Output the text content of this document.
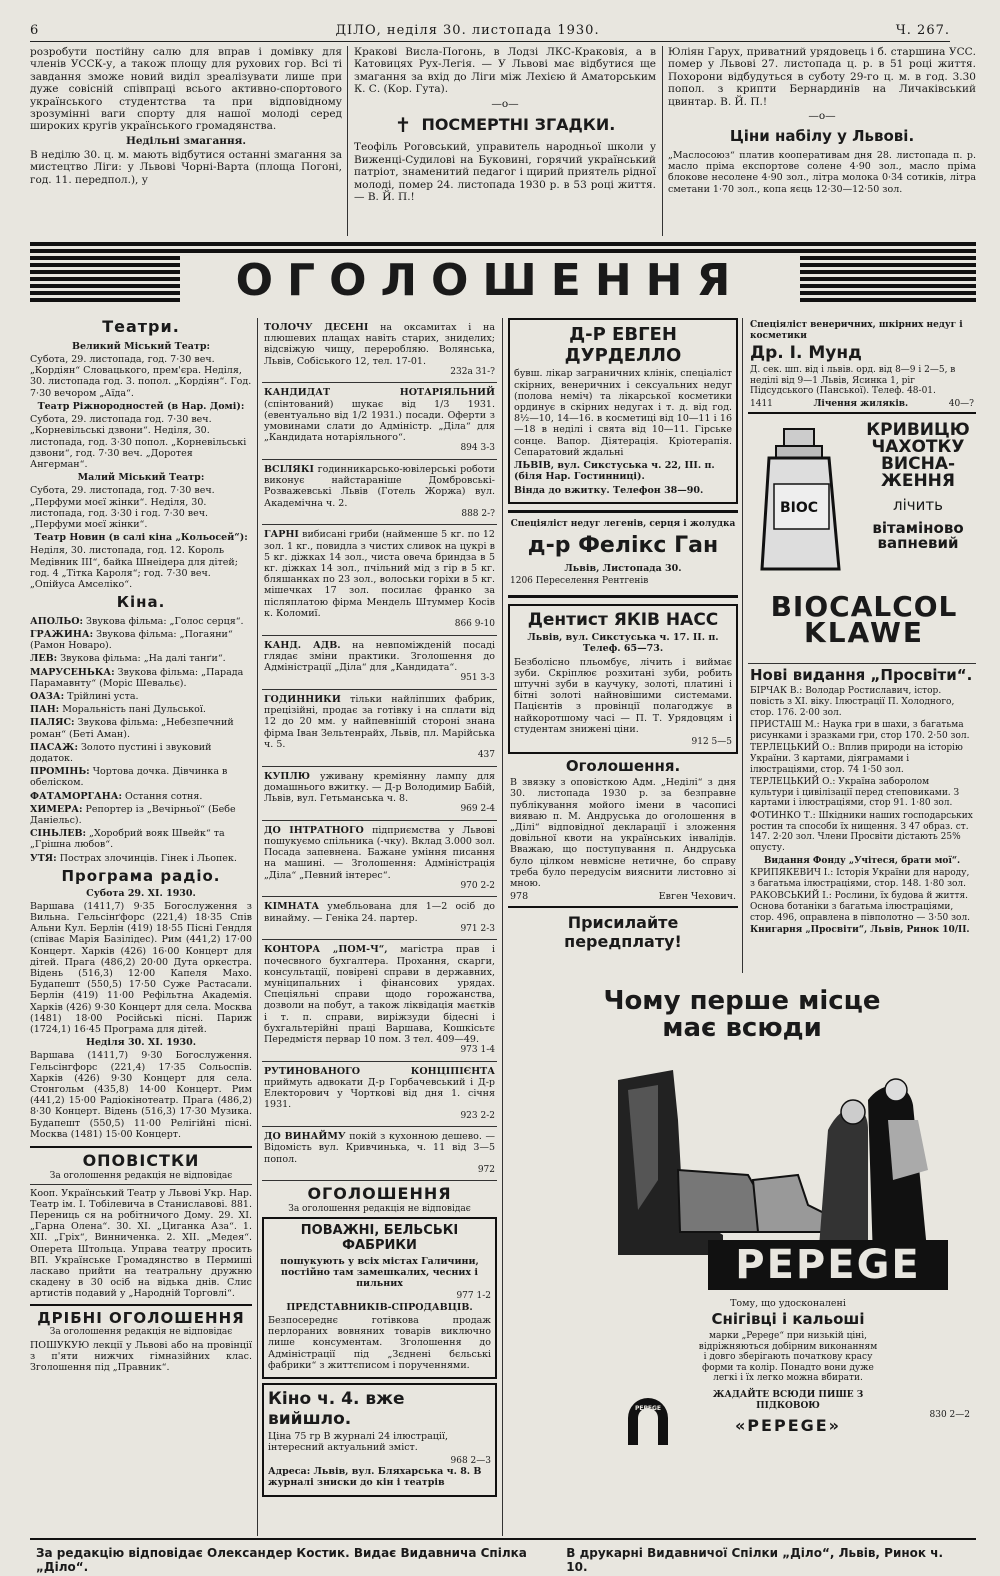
6	ДІЛО, неділя 30. листопада 1930.	Ч. 267.

розробути постійну салю для вправ і домівку для членів УССК-у, а також площу для рухових гор. Всі ті завдання зможе новий виділ зреалізувати лише при дуже совісній співпраці всього активно-спортового українського студентства та при відповідному зрозумінні ваги спорту для нашої молоді серед широких кругів українського громадянства.

Недільні змагання.

В неділю 30. ц. м. мають відбутися останні змагання за мистецтво Ліги: у Львові Чорні-Варта (площа Погоні, год. 11. передпол.), у

Кракові Висла-Погонь, в Лодзі ЛКС-Краковія, а в Катовицях Рух-Легія. — У Львові має відбутися ще змагання за вхід до Ліги між Лехією й Аматорським К. С. (Кор. Гута).

—о—

✝ ПОСМЕРТНІ ЗГАДКИ.

Теофіль Роговський, управитель народньої школи у Виженці-Судилові на Буковині, горячий український патріот, знаменитий педагог і щирий приятель рідної молоді, помер 24. листопада 1930 р. в 53 році життя. — В. Й. П.!

Юліян Гарух, приватний урядовець і б. старшина УСС. помер у Львові 27. листопада ц. р. в 51 році життя. Похорони відбудуться в суботу 29-го ц. м. в год. 3.30 попол. з крипти Бернардинів на Личаківський цвинтар. В. Й. П.!

—о—

Ціни набілу у Львові.

„Маслосоюз“ платив кооперативам дня 28. листопада п. р. масло пріма експортове солене 4·90 зол., масло пріма блокове несолене 4·90 зол., літра молока 0·34 сотиків, літра сметани 1·70 зол., копа яєць 12·30—12·50 зол.

ОГОЛОШЕННЯ
Театри.

Великий Міський Театр:

Субота, 29. листопада, год. 7·30 веч. „Кордіян“ Словацького, прем'єра. Неділя, 30. листопада год. 3. попол. „Кордіян“. Год. 7·30 вечором „Аїда“.

Театр Ріжнородностей (в Нар. Домі):

Субота, 29. листопада год. 7·30 веч. „Корневільські дзвони“. Неділя, 30. листопада, год. 3·30 попол. „Корневільські дзвони“, год. 7·30 веч. „Доротея Ангерман“.

Малий Міський Театр:

Субота, 29. листопада, год. 7·30 веч. „Перфуми моєї жінки“. Неділя, 30. листопада, год. 3·30 і год. 7·30 веч. „Перфуми моєї жінки“.

Театр Новин (в салі кіна „Кольосей“):

Неділя, 30. листопада, год. 12. Король Медівник ІІІ“, байка Шнеідера для дітей; год. 4 „Тітка Кароля“; год. 7·30 веч. „Опійуса Амселіко“.

Кіна.

АПОЛЬО: Звукова фільма: „Голос серця“.

ГРАЖИНА: Звукова фільма: „Погаяни“ (Рамон Новаро).

ЛЕВ: Звукова фільма: „На далі танґи“.

МАРУСЕНЬКА: Звукова фільма: „Парада Парамавнту“ (Моріс Шевальє).

ОАЗА: Трійлині уста.

ПАН: Моральність пані Дульської.

ПАЛЯС: Звукова фільма: „Небезпечний роман“ (Беті Аман).

ПАСАЖ: Золото пустині і звуковий додаток.

ПРОМІНЬ: Чортова дочка. Дівчинка в обеліском.

ФАТАМОРГАНА: Остання сотня.

ХИМЕРА: Репортер із „Вечірньої“ (Бебе Даніельс).

СІНЬЛЕВ: „Хоробрий вояк Швейк“ та „Грішна любов“.

УТЯ: Пострах злочинців. Гінек і Льопек.

Програма радіо.

Субота 29. ХІ. 1930.

Варшава (1411,7) 9·35 Богослуження з Вильна. Гельсінґфорс (221,4) 18·35 Спів Альни Кул. Берлін (419) 18·55 Пісні Гендля (співає Марія Базілідес). Рим (441,2) 17·00 Концерт. Харків (426) 16·00 Концерт для дітей. Прага (486,2) 20·00 Дута оркестра. Відень (516,3) 12·00 Капеля Махо. Будапешт (550,5) 17·50 Суже Растасали. Берлін (419) 11·00 Рефільтна Академія. Харків (426) 9·30 Концерт для села. Москва (1481) 18·00 Російські пісні. Париж (1724,1) 16·45 Програма для дітей.

Неділя 30. ХІ. 1930.

Варшава (1411,7) 9·30 Богослуження. Гельсінгфорс (221,4) 17·35 Сольоспів. Харків (426) 9·30 Концерт для села. Стонгольм (435,8) 14·00 Концерт. Рим (441,2) 15·00 Радіокінотеатр. Прага (486,2) 8·30 Концерт. Відень (516,3) 17·30 Музика. Будапешт (550,5) 11·00 Релігійні пісні. Москва (1481) 15·00 Концерт.

ОПОВІСТКИ

За оголошення редакція не відповідає

Кооп. Український Театр у Львові Укр. Нар. Театр ім. І. Тобілевича в Станиславові. 881. Перениць ся на робітничого Дому. 29. ХІ. „Гарна Олена“. 30. ХІ. „Циганка Аза“. 1. ХІІ. „Гріх“, Винниченка. 2. ХІІ. „Медея“. Оперета Штольца. Управа театру просить ВП. Українське Громадянство в Пермиші ласкаво прийти на театральну дружню скадену в 30 осіб на відька днів. Слис артистів подавий у „Народній Торговлі“.

ДРІБНІ ОГОЛОШЕННЯ

За оголошення редакція не відповідає

ПОШУКУЮ лекції у Львові або на провінції з п'яти нижчих гімназійних клас. Зголошення під „Правник“.

ТОЛОЧУ ДЕСЕНІ на оксамитах і на плюшевих плащах навіть старих, зниделих; відсвіжую чищу, переробляю. Волянська, Львів, Собіського 12, тел. 17-01.
232а 31-?
КАНДИДАТ НОТАРІЯЛЬНИЙ (спінтований) шукає від 1/3 1931. (евентуально від 1/2 1931.) посади. Оферти з умовинами слати до Адміністр. „Діла“ для „Кандидата нотаріяльного“.
894 3-3
ВСІЛЯКІ годинникарсько-ювілерські роботи виконує найстараніше Домбровські-Розважевські Львів (Готель Жоржа) вул. Академічна ч. 2.
888 2-?
ГАРНІ вибисані гриби (найменше 5 кг. по 12 зол. 1 кг., повидла з чистих сливок на цукрі в 5 кг. діжках 14 зол., чиста овеча бриндза в 5 кг. діжках 14 зол., пчільний мід з гір в 5 кг. бляшанках по 23 зол., волоськи горіхи в 5 кг. мішечках 17 зол. посилає франко за післяплатою фірма Мендель Штуммер Косів к. Коломиї.
866 9-10
КАНД. АДВ. на невпоміжденій посаді глядає зміни практики. Зголошення до Адміністрації „Діла“ для „Кандидата“.
951 3-3
ГОДИННИКИ тільки найліпших фабрик, прецізійні, продає за готівку і на сплати від 12 до 20 мм. у найпевнішій стороні знана фірма Іван Зельтенрайх, Львів, пл. Марійська ч. 5.
437
КУПЛЮ уживану креміянну лампу для домашнього вжитку. — Д-р Володимир Бабій, Львів, вул. Гетьманська ч. 8.
969 2-4
ДО ІНТРАТНОГО підприємства у Львові пошукуємо спільника (-чку). Вклад 3.000 зол. Посада запевнена. Бажане уміння писання на машині. — Зголошення: Адміністрація „Діла“ „Певний інтерес“.
970 2-2
КІМНАТА умебльована для 1—2 осіб до винайму. — Геніка 24. партер.
971 2-3
КОНТОРА „ПОМ-Ч“, магістра прав і почесвного бухгалтера. Прохання, скарги, консультації, повірені справи в державних, муніципальних і фінансових урядах. Спеціяльні справи щодо горожанства, дозволи на побут, а також ліквідація маєтків і т. п. справи, виріжзуди бідесні і бухгальтерійні праці Варшава, Кошкісьтє Передмістя первар 10 пом. 3 тел. 409—49.
973 1-4
РУТИНОВАНОГО КОНЦІПІЄНТА приймуть адвокати Д-р Горбачевський і Д-р Електорович у Чорткові від дня 1. січня 1931.
923 2-2
ДО ВИНАЙМУ покій з кухонною дешево. — Відомість вул. Кривчинька, ч. 11 від 3—5 попол.
972
ОГОЛОШЕННЯ

За оголошення редакція не відповідає

ПОВАЖНІ, БЕЛЬСЬКІ ФАБРИКИ

пошукують у всіх містах Галичини, постійно там замешкалих, чесних і пильних

977 1-2

ПРЕДСТАВНИКІВ-СПРОДАВЦІВ.

Безпосереднє готівкова продаж перлораних вовняних товарів виключно лише консументам. Зголошення до Адміністрації під „Зєднені бєльські фабрики“ з життєписом і порученнями.

Кіно ч. 4. вже вийшло.

Ціна 75 гр В журналі 24 ілюстрації, інтересний актуальний зміст.

968 2—3

Адреса: Львів, вул. Бляхарська ч. 8. В журналі зниски до кін і театрів

Д-Р ЕВГЕН ДУРДЕЛЛО

бувш. лікар заграничних клінік, спеціаліст скірних, венеричних і сексуальних недуг (полова неміч) та лікарської косметики ординує в скірних недугах і т. д. від год. 8½—10, 14—16. в косметиці від 10—11 і 16—18 в неділі і свята від 10—11. Гірське сонце. Вапор. Діятерація. Кріотерапія. Сепаратовий ждальні

ЛЬВІВ, вул. Сикстуська ч. 22, ІІІ. п. (біля Нар. Гостинниці).

Вінда до вжитку. Телефон 38—90.

Спеціяліст недуг легенів, серця і жолудка

д-р Фелікс Ган

Львів, Листопада 30.

1206 Переселення Рентгенів

Дентист ЯКІВ НАСС

Львів, вул. Сикстуська ч. 17. ІІ. п. Телеф. 65—73.

Безболісно пльомбує, лічить і виймає зуби. Скріплює розхитані зуби, робить штучні зуби в каучуку, золоті, платині і бітні золоті найновішими системами. Пацієнтів з провінції полагоджує в найкоротшому часі — П. Т. Урядовцям і студентам знижені ціни.

912 5—5

Оголошення.

В звязку з оповісткою Адм. „Неділі“ з дня 30. листопада 1930 р. за безправне публікування мойого імени в часописі вияваю п. М. Андруська до оголошення в „Ділі“ відповідної декларації і зложення довільної квоти на українських інвалідів. Вважаю, що поступування п. Андруська було цілком невмісне нетичне, бо справу треба було передусім вияснити листовно зі мною.

978	Евген Чехович.

Присилайте передплату!

Спеціяліст венеричних, шкірних недуг і косметики

Др. І. Мунд

Д. сек. шп. від і львів. орд. від 8—9 і 2—5, в неділі від 9—1 Львів, Ясинка 1, ріг Підсудського (Панської). Телеф. 48-01.

1411	Лічення жилякiв.	40—?
BIOC
КРИВИЦЮ
ЧАХОТКУ
ВИСНА-
ЖЕННЯ
лічить
вітаміново
вапневий
BIOCALCOL
KLAWE

Нові видання „Просвіти“.

БІРЧАК В.: Володар Ростиславич, істор. повість з ХІ. віку. Ілюстрації П. Холодного, стор. 176. 2·00 зол.

ПРИСТАШ М.: Наука гри в шахи, з багатьма рисунками і зразками гри, стор 170. 2·50 зол.

ТЕРЛЕЦЬКИЙ О.: Вплив природи на історію України. З картами, діяграмами і ілюстраціями, стор. 74 1·50 зол.

ТЕРЛЕЦЬКИЙ О.: Україна заборолом культури і цивілізації перед степовиками. З картами і ілюстраціями, стор 91. 1·80 зол.

ФОТИНКО Т.: Шкідники наших господарських ростин та способи їх нищення. З 47 образ. ст. 147. 2·20 зол. Члени Просвіти дістають 25% опусту.

Видання Фонду „Учітеся, брати мої“.

КРИПЯКЕВИЧ І.: Історія України для народу, з багатьма ілюстраціями, стор. 148. 1·80 зол.

РАКОВСЬКИЙ І.: Рослини, їх будова й життя. Основа ботаніки з багатьма ілюстраціями, стор. 496, оправлена в півполотно — 3·50 зол.

Книгарня „Просвіти“, Львів, Ринок 10/ІІ.

Чому перше місце має всюди
PEPEGE

Тому, що удосконалені

Снігівці і кальоші

марки „Pepege“ при низькій ціні, відріжняються добірним виконанням і довго зберігають початкову красу форми та колір. Понадто вони дуже легкі і їх легко можна вбирати.

ЖАДАЙТЕ ВСЮДИ ПИШЕ З ПІДКОВОЮ

«PEPEGE»

PEPEGE
830 2—2
За редакцію відповідає Олександер Костик. Видає Видавнича Спілка „Діло“.
В друкарні Видавничої Спілки „Діло“, Львів, Ринок ч. 10.
